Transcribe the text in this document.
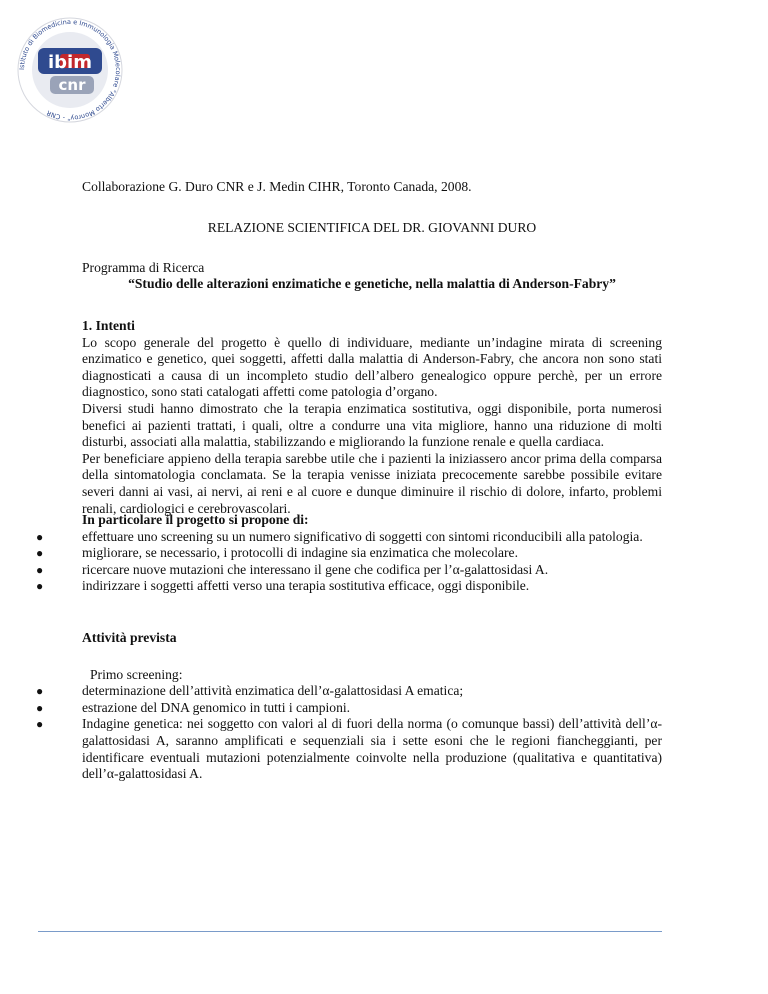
Istituto di Biomedicina e Immunologia Molecolare "Alberto Monroy" - CNR
ibim
cnr
Collaborazione G. Duro CNR e J. Medin CIHR, Toronto Canada, 2008.
RELAZIONE SCIENTIFICA DEL DR. GIOVANNI DURO
Programma di Ricerca
“Studio delle alterazioni enzimatiche e genetiche, nella malattia di Anderson-Fabry”
1. Intenti

Lo scopo generale del progetto è quello di individuare, mediante un’indagine mirata di screening enzimatico e genetico, quei soggetti, affetti dalla malattia di Anderson-Fabry, che ancora non sono stati diagnosticati a causa di un incompleto studio dell’albero genealogico oppure perchè, per un errore diagnostico, sono stati catalogati affetti come patologia d’organo.

Diversi studi hanno dimostrato che la terapia enzimatica sostitutiva, oggi disponibile, porta numerosi benefici ai pazienti trattati, i quali, oltre a condurre una vita migliore, hanno una riduzione di molti disturbi, associati alla malattia, stabilizzando e migliorando la funzione renale e quella cardiaca.

Per beneficiare appieno della terapia sarebbe utile che i pazienti la iniziassero ancor prima della comparsa della sintomatologia conclamata. Se la terapia venisse iniziata precocemente sarebbe possibile evitare severi danni ai vasi, ai nervi, ai reni e al cuore e dunque diminuire il rischio di dolore, infarto, problemi renali, cardiologici e cerebrovascolari.

In particolare il progetto si propone di:
●	effettuare uno screening su un numero significativo di soggetti con sintomi riconducibili alla patologia.
●	migliorare, se necessario, i protocolli di indagine sia enzimatica che molecolare.
●	ricercare nuove mutazioni che interessano il gene che codifica per l’α-galattosidasi A.
●	indirizzare i soggetti affetti verso una terapia sostitutiva efficace, oggi disponibile.
Attività prevista
Primo screening:
●	determinazione dell’attività enzimatica dell’α-galattosidasi A ematica;
●	estrazione del DNA genomico in tutti i campioni.
●	Indagine genetica: nei soggetto con valori al di fuori della norma (o comunque bassi) dell’attività dell’α-galattosidasi A, saranno amplificati e sequenziali sia i sette esoni che le regioni fiancheggianti, per identificare eventuali mutazioni potenzialmente coinvolte nella produzione (qualitativa e quantitativa) dell’α-galattosidasi A.
